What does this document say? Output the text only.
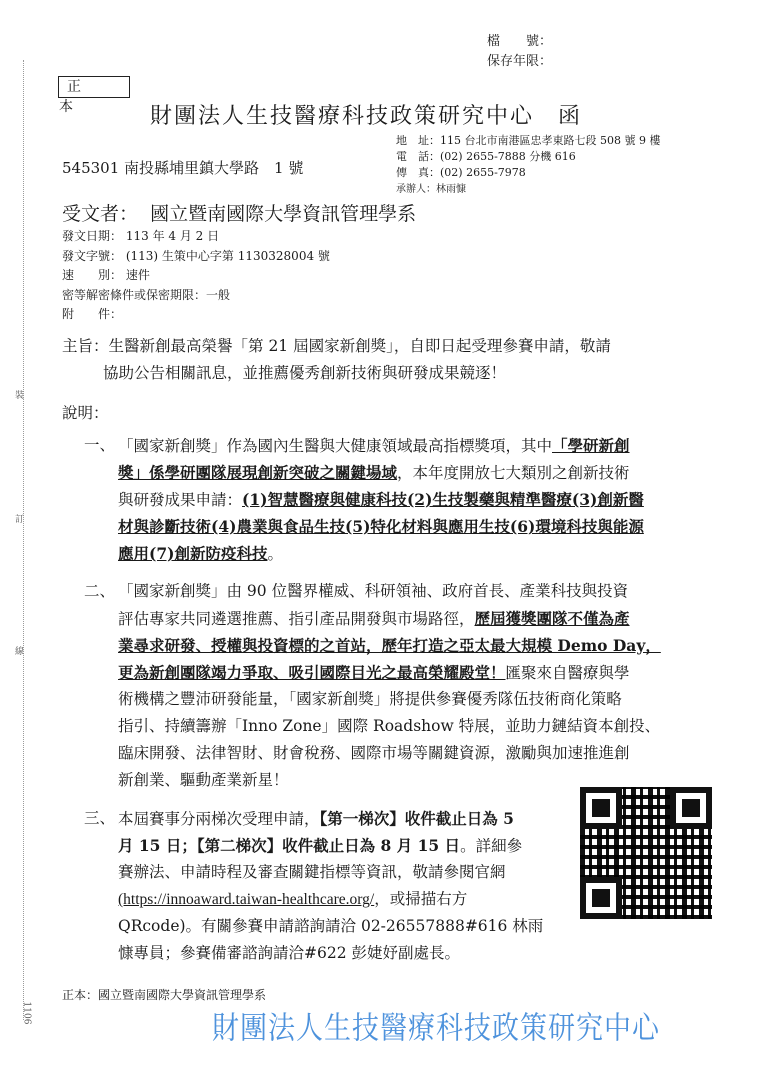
裝
訂
線
1106
檔　　號：
保存年限：
正本	財團法人生技醫療科技政策研究中心　函
地　址：115 台北市南港區忠孝東路七段 508 號 9 樓
電　話：(02) 2655-7888 分機 616
傳　真：(02) 2655-7978
承辦人：林雨慷
545301 南投縣埔里鎮大學路　1 號
受文者： 國立暨南國際大學資訊管理學系
發文日期： 113 年 4 月 2 日
發文字號： (113) 生策中心字第 1130328004 號
速　　別： 速件
密等解密條件或保密期限：一般
附　　件：
主旨：生醫新創最高榮譽「第 21 屆國家新創獎」，自即日起受理參賽申請，敬請
協助公告相關訊息，並推薦優秀創新技術與研發成果競逐！
說明：
一、 「國家新創獎」作為國內生醫與大健康領域最高指標獎項，其中「學研新創
獎」係學研團隊展現創新突破之關鍵場域，本年度開放七大類別之創新技術
與研發成果申請：(1)智慧醫療與健康科技(2)生技製藥與精準醫療(3)創新醫
材與診斷技術(4)農業與食品生技(5)特化材料與應用生技(6)環境科技與能源
應用(7)創新防疫科技。
二、 「國家新創獎」由 90 位醫界權威、科研領袖、政府首長、產業科技與投資
評估專家共同遴選推薦、指引產品開發與市場路徑，歷屆獲獎團隊不僅為產
業尋求研發、授權與投資標的之首站，歷年打造之亞太最大規模 Demo Day，
更為新創團隊竭力爭取、吸引國際目光之最高榮耀殿堂！匯聚來自醫療與學
術機構之豐沛研發能量，「國家新創獎」將提供參賽優秀隊伍技術商化策略
指引、持續籌辦「Inno Zone」國際 Roadshow 特展，並助力鏈結資本創投、
臨床開發、法律智財、財會稅務、國際市場等關鍵資源，激勵與加速推進創
新創業、驅動產業新星！
三、 本屆賽事分兩梯次受理申請，【第一梯次】收件截止日為 5
月 15 日；【第二梯次】收件截止日為 8 月 15 日。詳細參
賽辦法、申請時程及審查關鍵指標等資訊，敬請參閱官網
(https://innoaward.taiwan-healthcare.org/，或掃描右方
QRcode)。有關參賽申請諮詢請洽 02-26557888#616 林雨
慷專員；參賽備審諮詢請洽#622 彭婕妤副處長。
正本：國立暨南國際大學資訊管理學系
財團法人生技醫療科技政策研究中心
